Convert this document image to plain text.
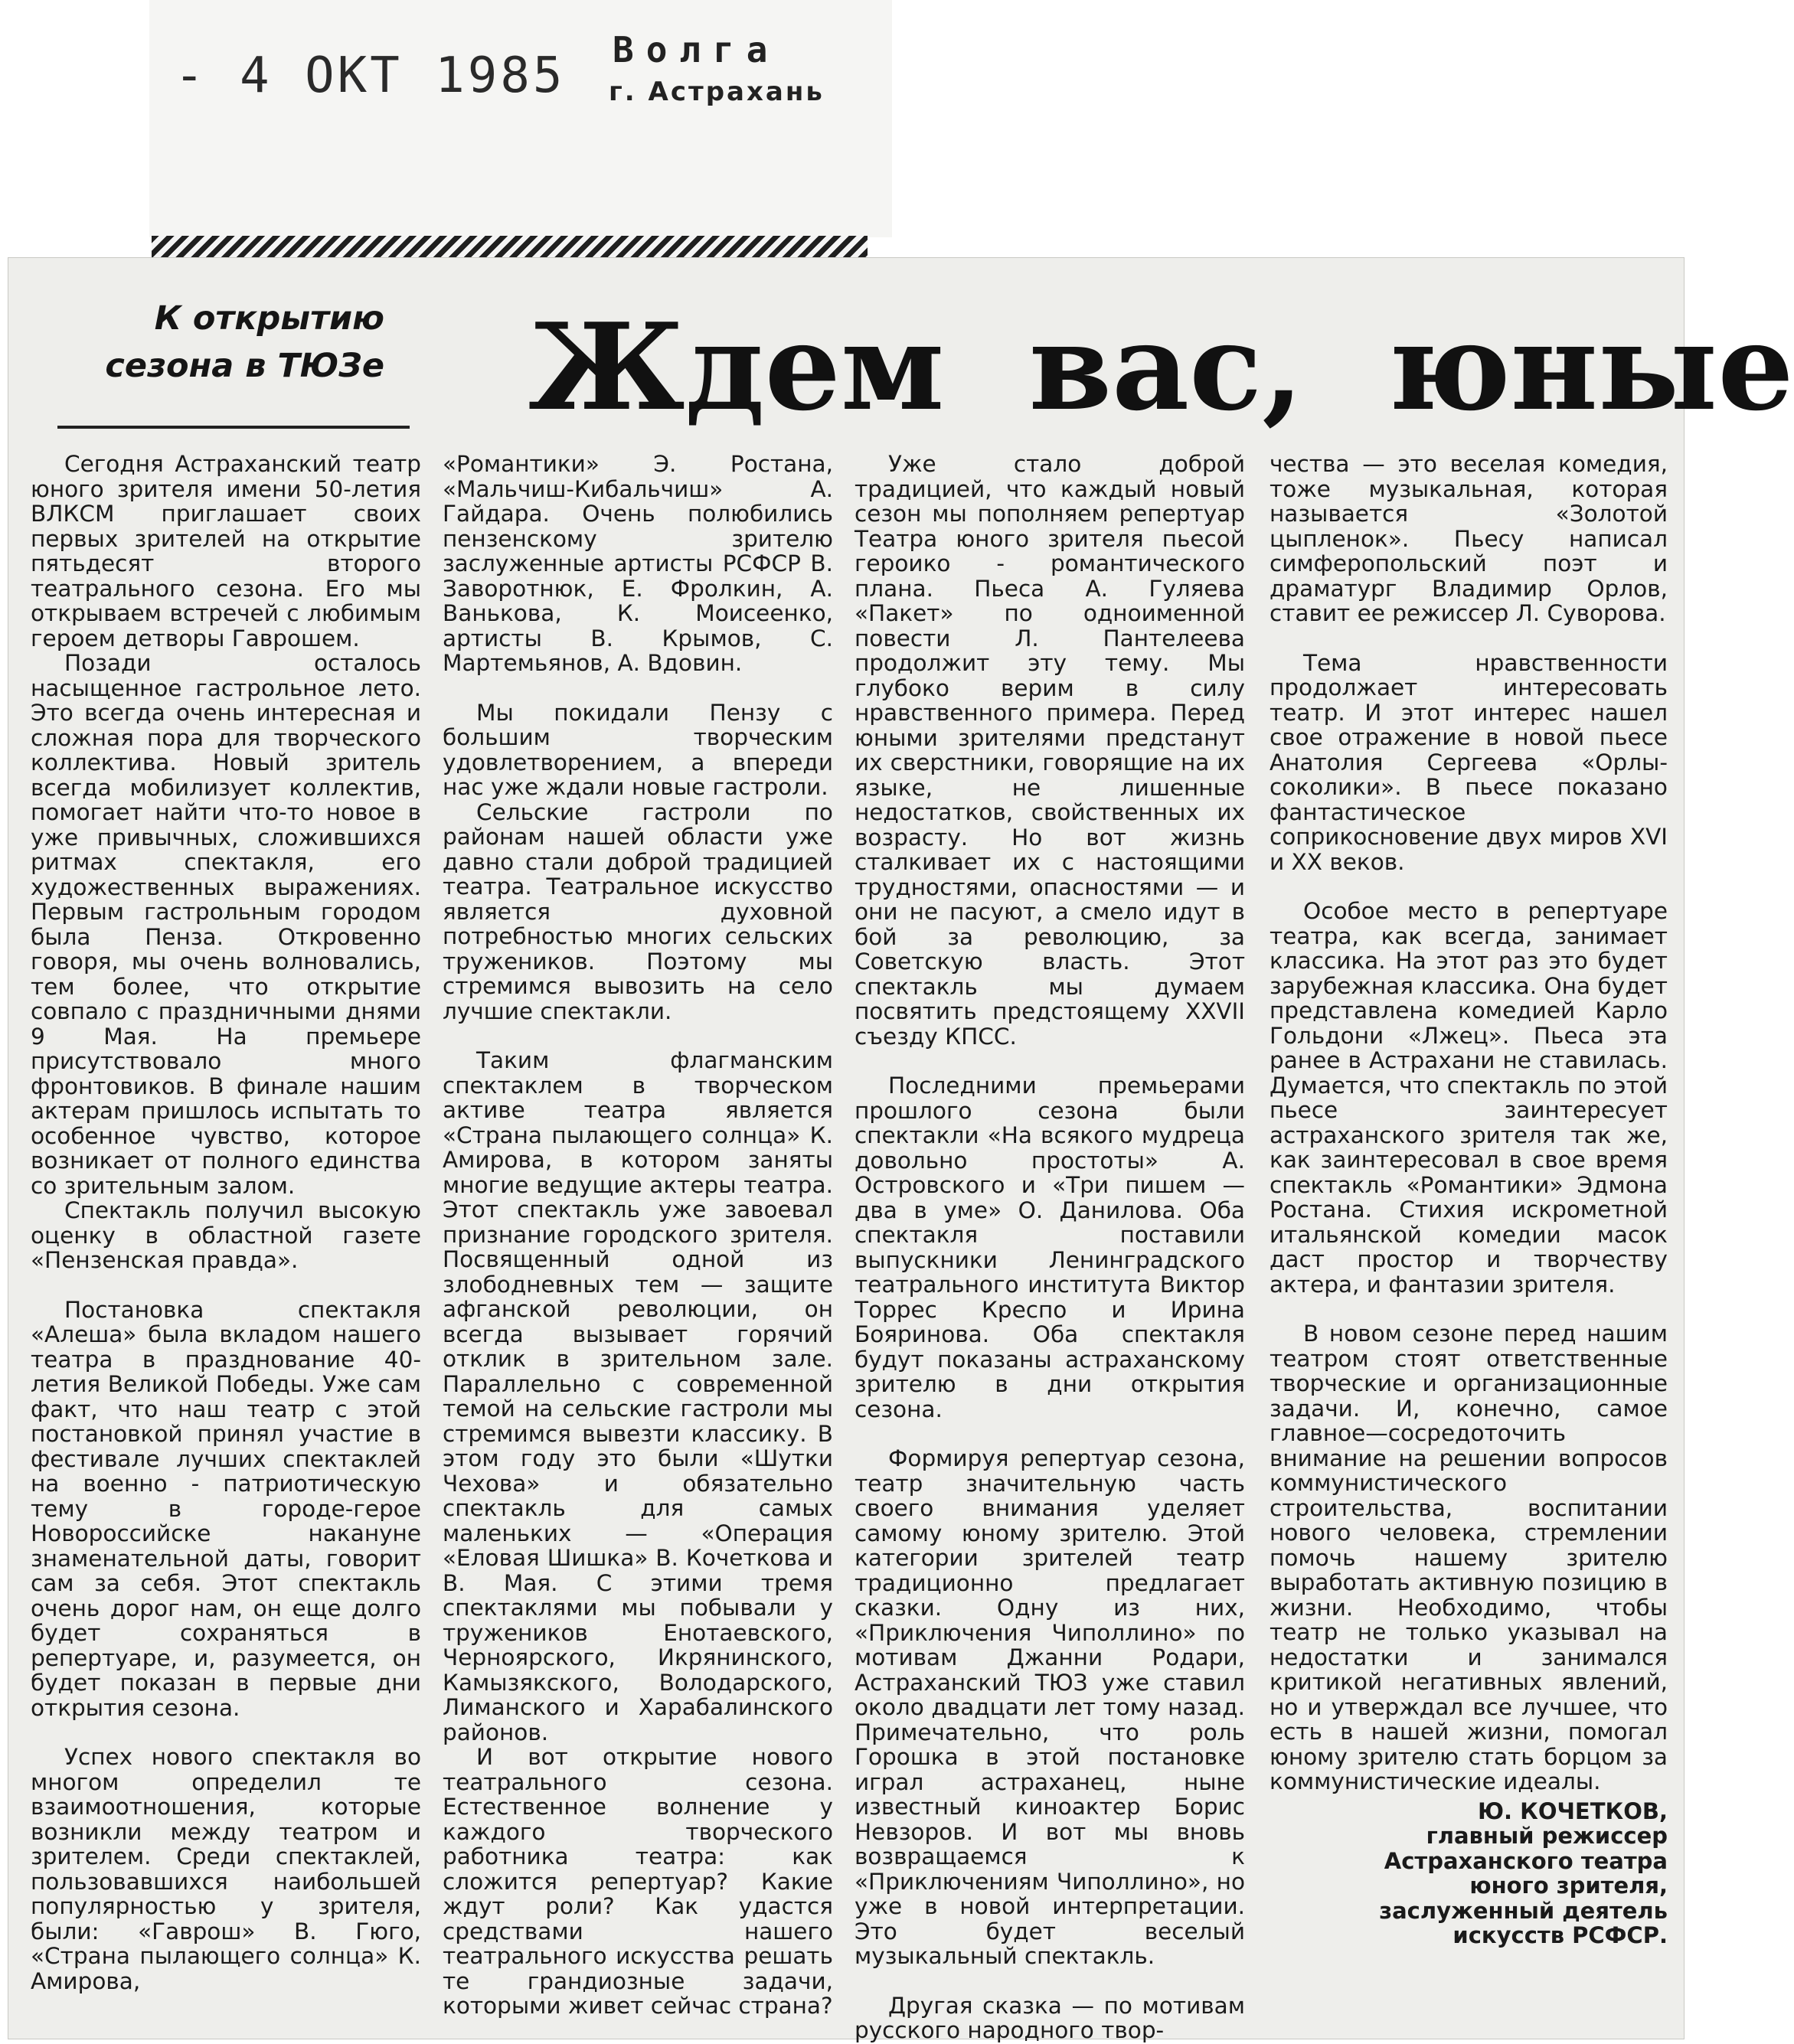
- 4 ОКТ 1985 Волга
г. Астрахань
К открытию
сезона в ТЮЗе Ждем вас, юные

Сегодня Астраханский театр юного зрителя имени 50-летия ВЛКСМ приглашает своих первых зрителей на открытие пятьдесят второго театрального сезона. Его мы открываем встречей с любимым героем детворы Гаврошем.

Позади осталось насыщенное гастрольное лето. Это всегда очень интересная и сложная пора для творческого коллектива. Новый зритель всегда мобилизует коллектив, помогает найти что-то новое в уже привычных, сложившихся ритмах спектакля, его художественных выражениях. Первым гастрольным городом была Пенза. Откровенно говоря, мы очень волновались, тем более, что открытие совпало с праздничными днями 9 Мая. На премьере присутствовало много фронтовиков. В финале нашим актерам пришлось испытать то особенное чувство, которое возникает от полного единства со зрительным залом.

Спектакль получил высокую оценку в областной газете «Пензенская правда».

Постановка спектакля «Алеша» была вкладом нашего театра в празднование 40-летия Великой Победы. Уже сам факт, что наш театр с этой постановкой принял участие в фестивале лучших спектаклей на военно - патриотическую тему в городе-герое Новороссийске накануне знаменательной даты, говорит сам за себя. Этот спектакль очень дорог нам, он еще долго будет сохраняться в репертуаре, и, разумеется, он будет показан в первые дни открытия сезона.

Успех нового спектакля во многом определил те взаимоотношения, которые возникли между театром и зрителем. Среди спектаклей, пользовавшихся наибольшей популярностью у зрителя, были: «Гаврош» В. Гюго, «Страна пылающего солнца» К. Амирова,

«Романтики» Э. Ростана, «Мальчиш-Кибальчиш» А. Гайдара. Очень полюбились пензенскому зрителю заслуженные артисты РСФСР В. Заворотнюк, Е. Фролкин, А. Ванькова, К. Моисеенко, артисты В. Крымов, С. Мартемьянов, А. Вдовин.

Мы покидали Пензу с большим творческим удовлетворением, а впереди нас уже ждали новые гастроли.

Сельские гастроли по районам нашей области уже давно стали доброй традицией театра. Театральное искусство является духовной потребностью многих сельских тружеников. Поэтому мы стремимся вывозить на село лучшие спектакли.

Таким флагманским спектаклем в творческом активе театра является «Страна пылающего солнца» К. Амирова, в котором заняты многие ведущие актеры театра. Этот спектакль уже завоевал признание городского зрителя. Посвященный одной из злободневных тем — защите афганской революции, он всегда вызывает горячий отклик в зрительном зале. Параллельно с современной темой на сельские гастроли мы стремимся вывезти классику. В этом году это были «Шутки Чехова» и обязательно спектакль для самых маленьких — «Операция «Еловая Шишка» В. Кочеткова и В. Мая. С этими тремя спектаклями мы побывали у тружеников Енотаевского, Черноярского, Икрянинского, Камызякского, Володарского, Лиманского и Харабалинского районов.

И вот открытие нового театрального сезона. Естественное волнение у каждого творческого работника театра: как сложится репертуар? Какие ждут роли? Как удастся средствами нашего театрального искусства решать те грандиозные задачи, которыми живет сейчас страна?

Уже стало доброй традицией, что каждый новый сезон мы пополняем репертуар Театра юного зрителя пьесой героико - романтического плана. Пьеса А. Гуляева «Пакет» по одноименной повести Л. Пантелеева продолжит эту тему. Мы глубоко верим в силу нравственного примера. Перед юными зрителями предстанут их сверстники, говорящие на их языке, не лишенные недостатков, свойственных их возрасту. Но вот жизнь сталкивает их с настоящими трудностями, опасностями — и они не пасуют, а смело идут в бой за революцию, за Советскую власть. Этот спектакль мы думаем посвятить предстоящему XXVII съезду КПСС.

Последними премьерами прошлого сезона были спектакли «На всякого мудреца довольно простоты» А. Островского и «Три пишем — два в уме» О. Данилова. Оба спектакля поставили выпускники Ленинградского театрального института Виктор Торрес Креспо и Ирина Бояринова. Оба спектакля будут показаны астраханскому зрителю в дни открытия сезона.

Формируя репертуар сезона, театр значительную часть своего внимания уделяет самому юному зрителю. Этой категории зрителей театр традиционно предлагает сказки. Одну из них, «Приключения Чиполлино» по мотивам Джанни Родари, Астраханский ТЮЗ уже ставил около двадцати лет тому назад. Примечательно, что роль Горошка в этой постановке играл астраханец, ныне известный киноактер Борис Невзоров. И вот мы вновь возвращаемся к «Приключениям Чиполлино», но уже в новой интерпретации. Это будет веселый музыкальный спектакль.

Другая сказка — по мотивам русского народного твор-

чества — это веселая комедия, тоже музыкальная, которая называется «Золотой цыпленок». Пьесу написал симферопольский поэт и драматург Владимир Орлов, ставит ее режиссер Л. Суворова.

Тема нравственности продолжает интересовать театр. И этот интерес нашел свое отражение в новой пьесе Анатолия Сергеева «Орлы-соколики». В пьесе показано фантастическое соприкосновение двух миров XVI и XX веков.

Особое место в репертуаре театра, как всегда, занимает классика. На этот раз это будет зарубежная классика. Она будет представлена комедией Карло Гольдони «Лжец». Пьеса эта ранее в Астрахани не ставилась. Думается, что спектакль по этой пьесе заинтересует астраханского зрителя так же, как заинтересовал в свое время спектакль «Романтики» Эдмона Ростана. Стихия искрометной итальянской комедии масок даст простор и творчеству актера, и фантазии зрителя.

В новом сезоне перед нашим театром стоят ответственные творческие и организационные задачи. И, конечно, самое главное—сосредоточить внимание на решении вопросов коммунистического строительства, воспитании нового человека, стремлении помочь нашему зрителю выработать активную позицию в жизни. Необходимо, чтобы театр не только указывал на недостатки и занимался критикой негативных явлений, но и утверждал все лучшее, что есть в нашей жизни, помогал юному зрителю стать борцом за коммунистические идеалы.

Ю. КОЧЕТКОВ,
главный режиссер
Астраханского театра
юного зрителя,
заслуженный деятель
искусств РСФСР.
